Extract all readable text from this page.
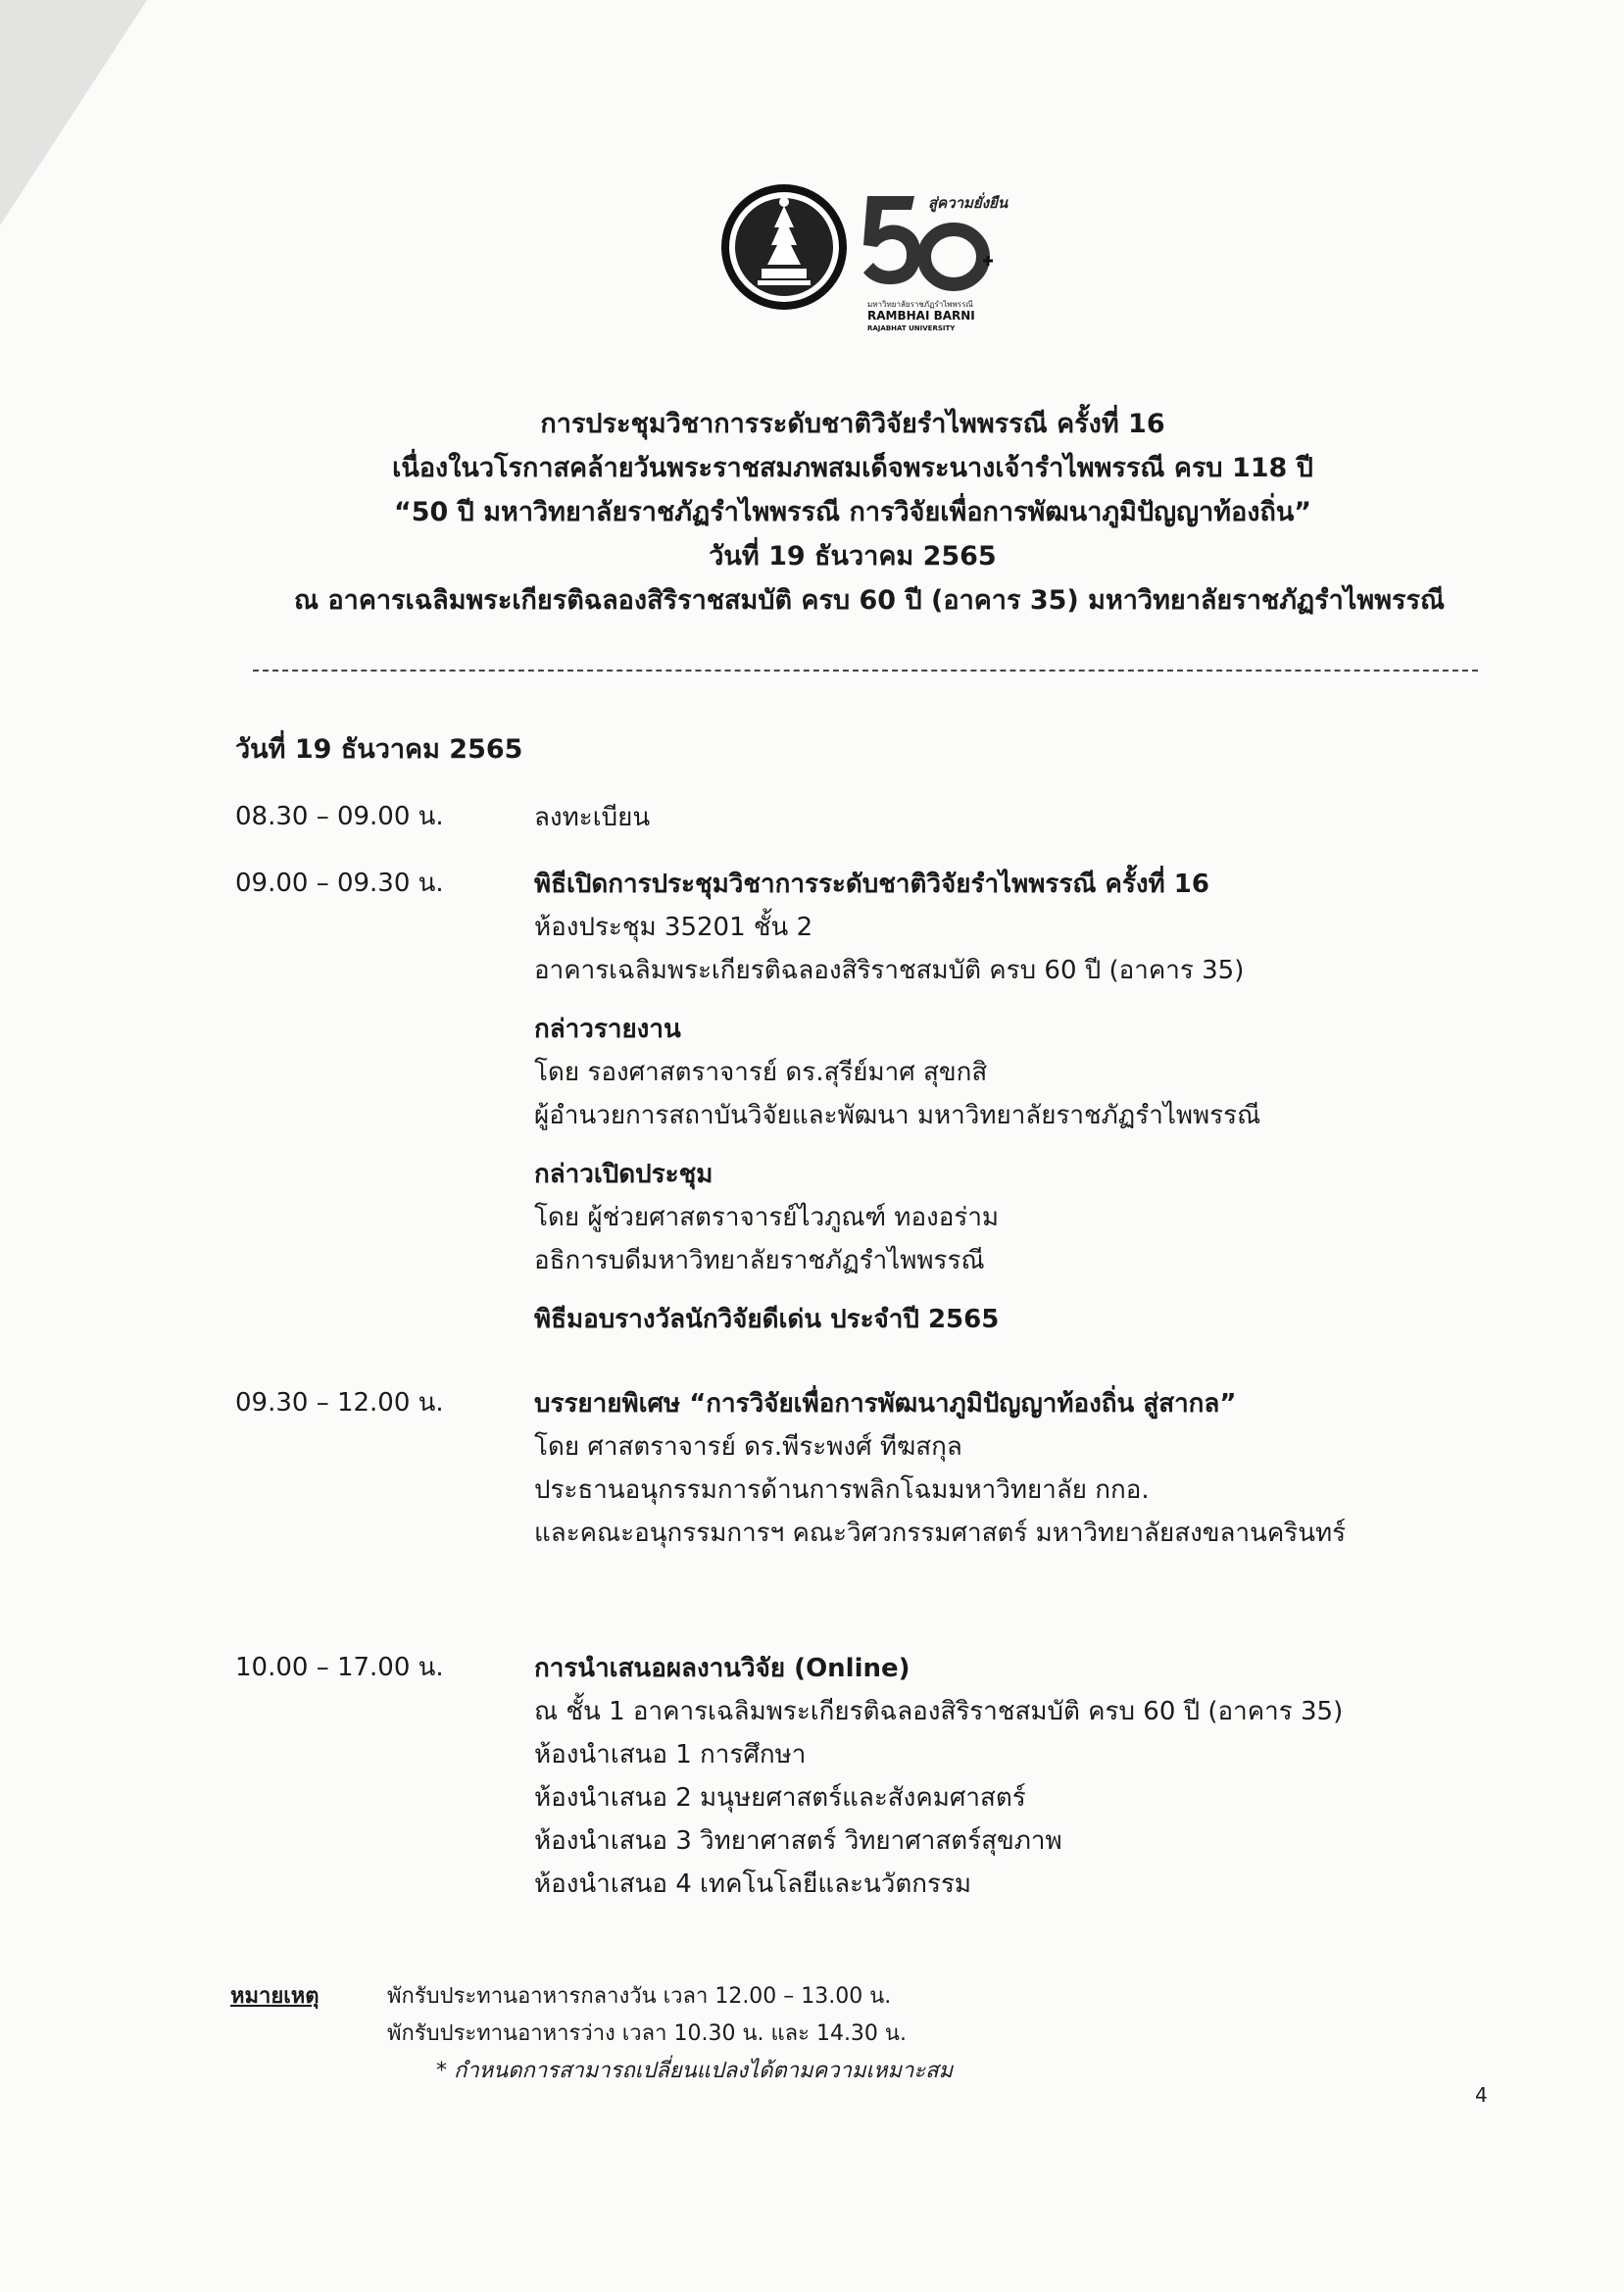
สู่ความยั่งยืน
มหาวิทยาลัยราชภัฏรำไพพรรณี
RAMBHAI BARNI
RAJABHAT UNIVERSITY
การประชุมวิชาการระดับชาติวิจัยรำไพพรรณี ครั้งที่ 16
เนื่องในวโรกาสคล้ายวันพระราชสมภพสมเด็จพระนางเจ้ารำไพพรรณี ครบ 118 ปี
“50 ปี มหาวิทยาลัยราชภัฏรำไพพรรณี การวิจัยเพื่อการพัฒนาภูมิปัญญาท้องถิ่น”
วันที่ 19 ธันวาคม 2565
ณ อาคารเฉลิมพระเกียรติฉลองสิริราชสมบัติ ครบ 60 ปี (อาคาร 35) มหาวิทยาลัยราชภัฏรำไพพรรณี
วันที่ 19 ธันวาคม 2565
08.30 – 09.00 น.	ลงทะเบียน
09.00 – 09.30 น.	พิธีเปิดการประชุมวิชาการระดับชาติวิจัยรำไพพรรณี ครั้งที่ 16
ห้องประชุม 35201 ชั้น 2
อาคารเฉลิมพระเกียรติฉลองสิริราชสมบัติ ครบ 60 ปี (อาคาร 35)
กล่าวรายงาน
โดย รองศาสตราจารย์ ดร.สุรีย์มาศ สุขกสิ
ผู้อำนวยการสถาบันวิจัยและพัฒนา มหาวิทยาลัยราชภัฏรำไพพรรณี
กล่าวเปิดประชุม
โดย ผู้ช่วยศาสตราจารย์ไวภูณฑ์ ทองอร่าม
อธิการบดีมหาวิทยาลัยราชภัฏรำไพพรรณี
พิธีมอบรางวัลนักวิจัยดีเด่น ประจำปี 2565
09.30 – 12.00 น.	บรรยายพิเศษ “การวิจัยเพื่อการพัฒนาภูมิปัญญาท้องถิ่น สู่สากล”
โดย ศาสตราจารย์ ดร.พีระพงศ์ ทีฆสกุล
ประธานอนุกรรมการด้านการพลิกโฉมมหาวิทยาลัย กกอ.
และคณะอนุกรรมการฯ คณะวิศวกรรมศาสตร์ มหาวิทยาลัยสงขลานครินทร์
10.00 – 17.00 น.	การนำเสนอผลงานวิจัย (Online)
ณ ชั้น 1 อาคารเฉลิมพระเกียรติฉลองสิริราชสมบัติ ครบ 60 ปี (อาคาร 35)
ห้องนำเสนอ 1 การศึกษา
ห้องนำเสนอ 2 มนุษยศาสตร์และสังคมศาสตร์
ห้องนำเสนอ 3 วิทยาศาสตร์ วิทยาศาสตร์สุขภาพ
ห้องนำเสนอ 4 เทคโนโลยีและนวัตกรรม
หมายเหตุ	พักรับประทานอาหารกลางวัน เวลา 12.00 – 13.00 น.
พักรับประทานอาหารว่าง เวลา 10.30 น. และ 14.30 น.
* กำหนดการสามารถเปลี่ยนแปลงได้ตามความเหมาะสม
4
